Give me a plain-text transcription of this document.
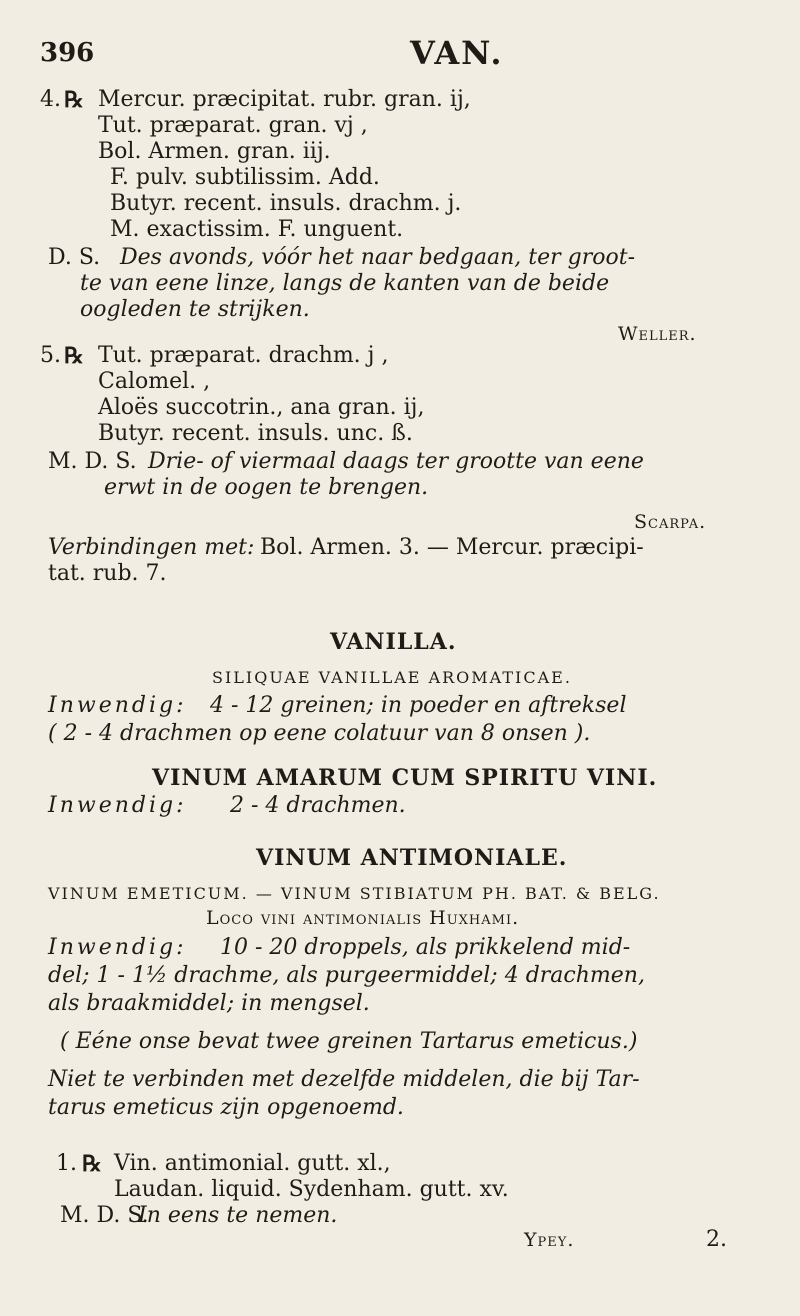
396	VAN.
4. ℞ Mercur. præcipitat. rubr. gran. ij,
Tut. præparat. gran. vj ,
Bol. Armen. gran. iij.
F. pulv. subtilissim. Add.
Butyr. recent. insuls. drachm. j.
M. exactissim. F. unguent.
D. S. Des avonds, vóór het naar bedgaan, ter groot-
te van eene linze, langs de kanten van de beide
oogleden te strijken.
Weller.
5. ℞ Tut. præparat. drachm. j ,
Calomel. ,
Aloës succotrin., ana gran. ij,
Butyr. recent. insuls. unc. ß.
M. D. S. Drie- of viermaal daags ter grootte van eene
erwt in de oogen te brengen.
Scarpa.
Verbindingen met: Bol. Armen. 3. — Mercur. præcipi-
tat. rub. 7.
VANILLA.
SILIQUAE VANILLAE AROMATICAE.
Inwendig: 4 - 12 greinen; in poeder en aftreksel
( 2 - 4 drachmen op eene colatuur van 8 onsen ).
VINUM AMARUM CUM SPIRITU VINI.
Inwendig: 2 - 4 drachmen.
VINUM ANTIMONIALE.
VINUM EMETICUM. — VINUM STIBIATUM PH. BAT. & BELG.
Loco vini antimonialis Huxhami.
Inwendig: 10 - 20 droppels, als prikkelend mid-
del; 1 - 1½ drachme, als purgeermiddel; 4 drachmen,
als braakmiddel; in mengsel.
( Eéne onse bevat twee greinen Tartarus emeticus.)
Niet te verbinden met dezelfde middelen, die bij Tar-
tarus emeticus zijn opgenoemd.
1. ℞ Vin. antimonial. gutt. xl.,
Laudan. liquid. Sydenham. gutt. xv.
M. D. S.
In eens te nemen.
Ypey.	2.
